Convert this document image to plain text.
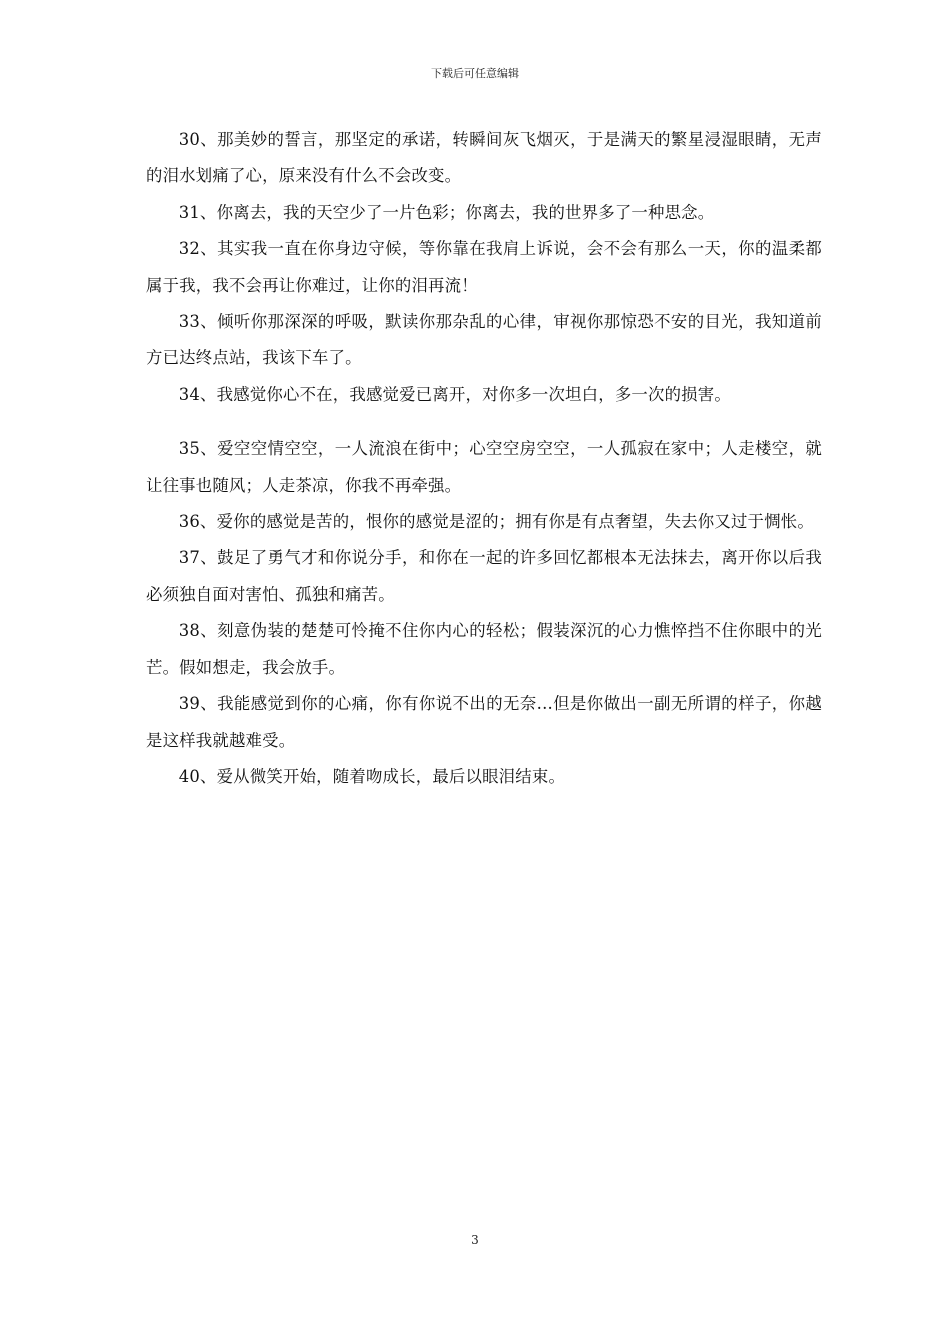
下载后可任意编辑

30、那美妙的誓言，那坚定的承诺，转瞬间灰飞烟灭，于是满天的繁星浸湿眼睛，无声的泪水划痛了心，原来没有什么不会改变。

31、你离去，我的天空少了一片色彩；你离去，我的世界多了一种思念。

32、其实我一直在你身边守候，等你靠在我肩上诉说，会不会有那么一天，你的温柔都属于我，我不会再让你难过，让你的泪再流！

33、倾听你那深深的呼吸，默读你那杂乱的心律，审视你那惊恐不安的目光，我知道前方已达终点站，我该下车了。

34、我感觉你心不在，我感觉爱已离开，对你多一次坦白，多一次的损害。

35、爱空空情空空，一人流浪在街中；心空空房空空，一人孤寂在家中；人走楼空，就让往事也随风；人走茶凉，你我不再牵强。

36、爱你的感觉是苦的，恨你的感觉是涩的；拥有你是有点奢望，失去你又过于惆怅。

37、鼓足了勇气才和你说分手，和你在一起的许多回忆都根本无法抹去，离开你以后我必须独自面对害怕、孤独和痛苦。

38、刻意伪装的楚楚可怜掩不住你内心的轻松；假装深沉的心力憔悴挡不住你眼中的光芒。假如想走，我会放手。

39、我能感觉到你的心痛，你有你说不出的无奈...但是你做出一副无所谓的样子，你越是这样我就越难受。

40、爱从微笑开始，随着吻成长，最后以眼泪结束。

3
